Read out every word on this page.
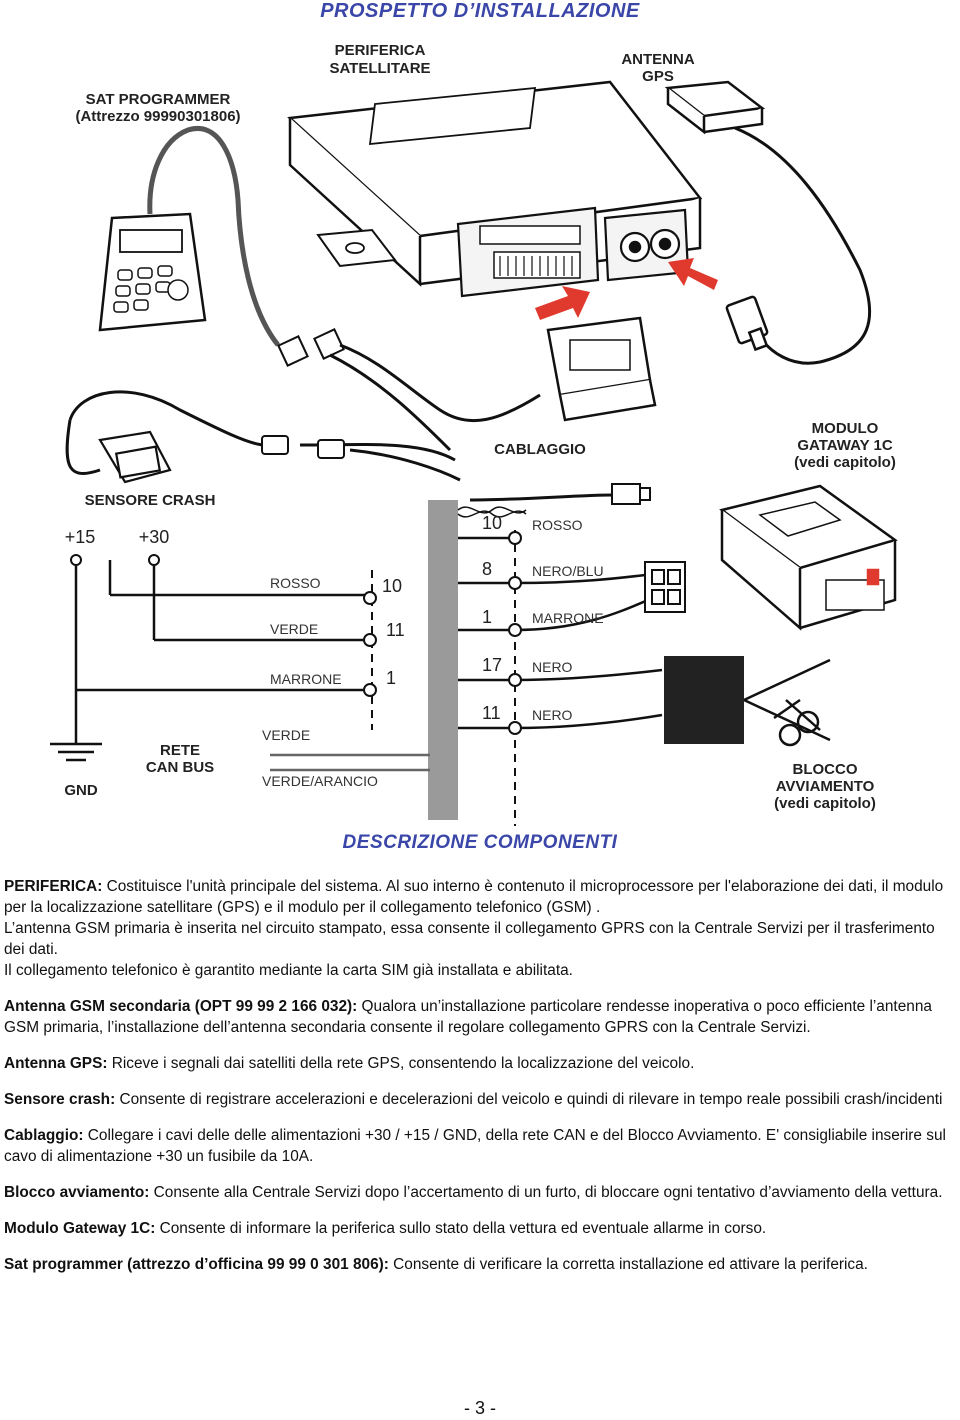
PROSPETTO D’INSTALLAZIONE
RELE
PERIFERICA
SATELLITARE
ANTENNA
GPS
SAT PROGRAMMER
(Attrezzo 99990301806)
SENSORE CRASH
CABLAGGIO
MODULO
GATAWAY 1C
(vedi capitolo)
BLOCCO
AVVIAMENTO
(vedi capitolo)
RETE
CAN BUS
GND
+15 +30
ROSSO	10
VERDE	11
MARRONE 1
VERDE
VERDE/ARANCIO
10 ROSSO
8	NERO/BLU
1	MARRONE
17 NERO
11 NERO
DESCRIZIONE COMPONENTI

PERIFERICA: Costituisce l'unità principale del sistema. Al suo interno è contenuto il microprocessore per l'elaborazione dei dati, il modulo per la localizzazione satellitare (GPS) e il modulo per il collegamento telefonico (GSM) .

L’antenna GSM primaria è inserita nel circuito stampato, essa consente il collegamento GPRS con la Centrale Servizi per il trasferimento dei dati.

Il collegamento telefonico è garantito mediante la carta SIM già installata e abilitata.

Antenna GSM secondaria (OPT 99 99 2 166 032): Qualora un’installazione particolare rendesse inoperativa o poco efficiente l’antenna GSM primaria, l’installazione dell’antenna secondaria consente il regolare collegamento GPRS con la Centrale Servizi.

Antenna GPS: Riceve i segnali dai satelliti della rete GPS, consentendo la localizzazione del veicolo.

Sensore crash: Consente di registrare accelerazioni e decelerazioni del veicolo e quindi di rilevare in tempo reale possibili crash/incidenti

Cablaggio: Collegare i cavi delle delle alimentazioni +30 / +15 / GND, della rete CAN e del Blocco Avviamento. E' consigliabile inserire sul cavo di alimentazione +30 un fusibile da 10A.

Blocco avviamento: Consente alla Centrale Servizi dopo l’accertamento di un furto, di bloccare ogni tentativo d’avviamento della vettura.

Modulo Gateway 1C: Consente di informare la periferica sullo stato della vettura ed eventuale allarme in corso.

Sat programmer (attrezzo d’officina 99 99 0 301 806): Consente di verificare la corretta installazione ed attivare la periferica.

- 3 -
